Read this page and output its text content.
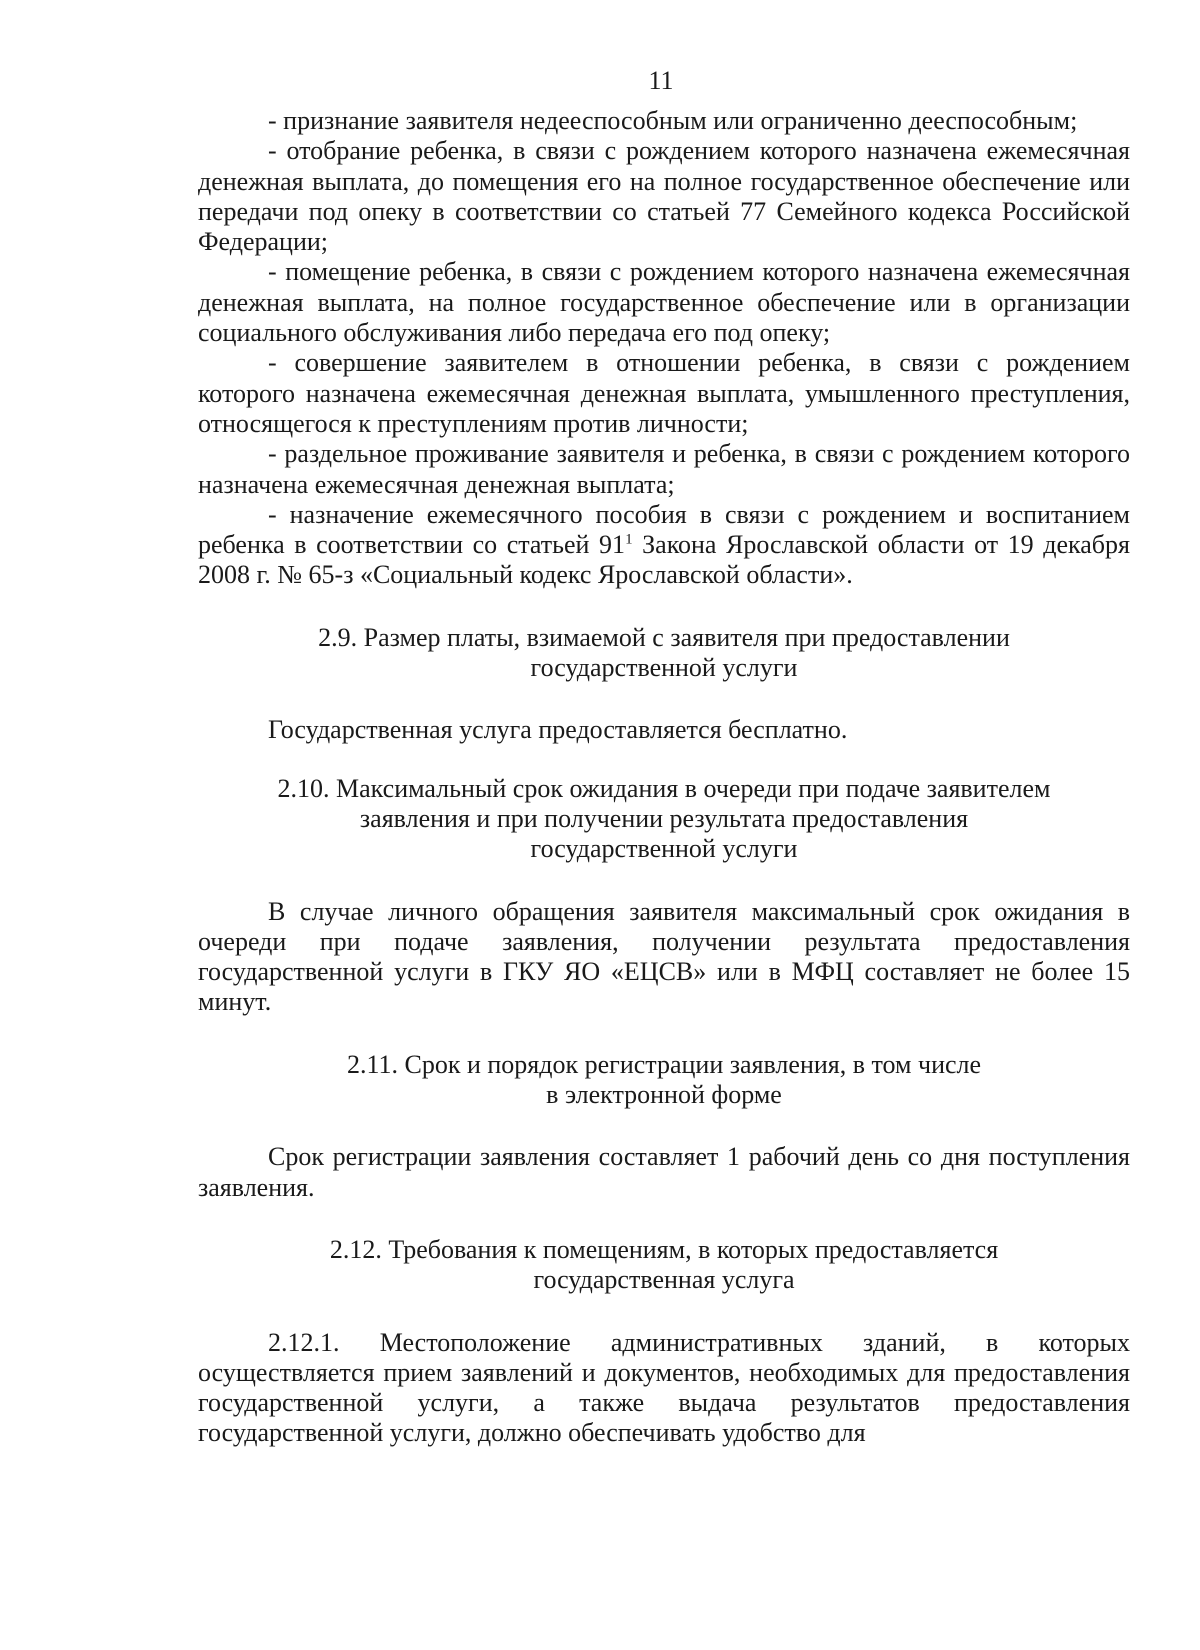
11

- признание заявителя недееспособным или ограниченно дееспособным;

- отобрание ребенка, в связи с рождением которого назначена ежемесячная денежная выплата, до помещения его на полное государственное обеспечение или передачи под опеку в соответствии со статьей 77 Семейного кодекса Российской Федерации;

- помещение ребенка, в связи с рождением которого назначена ежемесячная денежная выплата, на полное государственное обеспечение или в организации социального обслуживания либо передача его под опеку;

- совершение заявителем в отношении ребенка, в связи с рождением которого назначена ежемесячная денежная выплата, умышленного преступления, относящегося к преступлениям против личности;

- раздельное проживание заявителя и ребенка, в связи с рождением которого назначена ежемесячная денежная выплата;

- назначение ежемесячного пособия в связи с рождением и воспитанием ребенка в соответствии со статьей $91^1$ Закона Ярославской области от 19 декабря 2008 г. № 65-з «Социальный кодекс Ярославской области».

2.9. Размер платы, взимаемой с заявителя при предоставлении
государственной услуги

Государственная услуга предоставляется бесплатно.

2.10. Максимальный срок ожидания в очереди при подаче заявителем
заявления и при получении результата предоставления
государственной услуги

В случае личного обращения заявителя максимальный срок ожидания в очереди при подаче заявления, получении результата предоставления государственной услуги в ГКУ ЯО «ЕЦСВ» или в МФЦ составляет не более 15 минут.

2.11. Срок и порядок регистрации заявления, в том числе
в электронной форме

Срок регистрации заявления составляет 1 рабочий день со дня поступления заявления.

2.12. Требования к помещениям, в которых предоставляется
государственная услуга

2.12.1. Местоположение административных зданий, в которых осуществляется прием заявлений и документов, необходимых для предоставления государственной услуги, а также выдача результатов предоставления государственной услуги, должно обеспечивать удобство для
